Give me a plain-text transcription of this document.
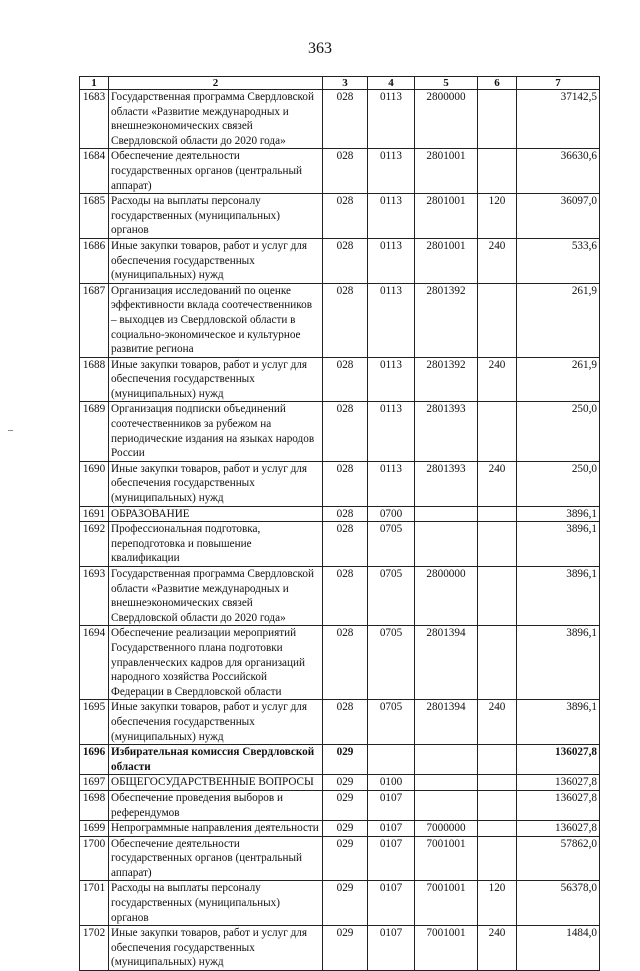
363
1	2	3	4	5	6	7
1683	Государственная программа Свердловской области «Развитие международных и внешнеэкономических связей Свердловской области до 2020 года»	028	0113	2800000		37142,5
1684	Обеспечение деятельности государственных органов (центральный аппарат)	028	0113	2801001		36630,6
1685	Расходы на выплаты персоналу государственных (муниципальных) органов	028	0113	2801001	120	36097,0
1686	Иные закупки товаров, работ и услуг для обеспечения государственных (муниципальных) нужд	028	0113	2801001	240	533,6
1687	Организация исследований по оценке эффективности вклада соотечественников – выходцев из Свердловской области в социально-экономическое и культурное развитие региона	028	0113	2801392		261,9
1688	Иные закупки товаров, работ и услуг для обеспечения государственных (муниципальных) нужд	028	0113	2801392	240	261,9
1689	Организация подписки объединений соотечественников за рубежом на периодические издания на языках народов России	028	0113	2801393		250,0
1690	Иные закупки товаров, работ и услуг для обеспечения государственных (муниципальных) нужд	028	0113	2801393	240	250,0
1691	ОБРАЗОВАНИЕ	028	0700			3896,1
1692	Профессиональная подготовка, переподготовка и повышение квалификации	028	0705			3896,1
1693	Государственная программа Свердловской области «Развитие международных и внешнеэкономических связей Свердловской области до 2020 года»	028	0705	2800000		3896,1
1694	Обеспечение реализации мероприятий Государственного плана подготовки управленческих кадров для организаций народного хозяйства Российской Федерации в Свердловской области	028	0705	2801394		3896,1
1695	Иные закупки товаров, работ и услуг для обеспечения государственных (муниципальных) нужд	028	0705	2801394	240	3896,1
1696	Избирательная комиссия Свердловской области	029				136027,8
1697	ОБЩЕГОСУДАРСТВЕННЫЕ ВОПРОСЫ	029	0100			136027,8
1698	Обеспечение проведения выборов и референдумов	029	0107			136027,8
1699	Непрограммные направления деятельности	029	0107	7000000		136027,8
1700	Обеспечение деятельности государственных органов (центральный аппарат)	029	0107	7001001		57862,0
1701	Расходы на выплаты персоналу государственных (муниципальных) органов	029	0107	7001001	120	56378,0
1702	Иные закупки товаров, работ и услуг для обеспечения государственных (муниципальных) нужд	029	0107	7001001	240	1484,0
